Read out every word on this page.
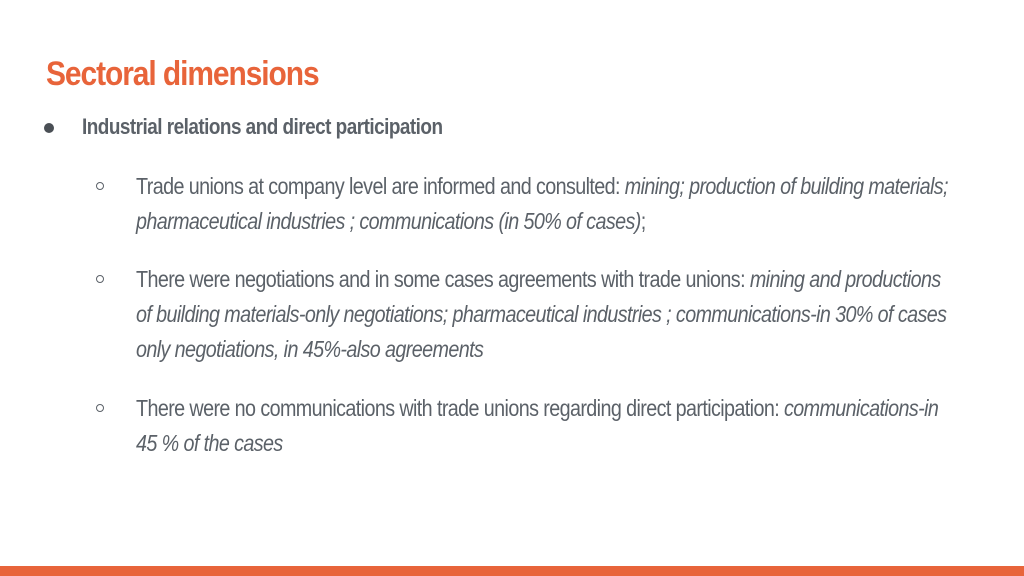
Sectoral dimensions
Industrial relations and direct participation

Trade unions at company level are informed and consulted: mining; production of building materials; pharmaceutical industries ; communications (in 50% of cases);

There were negotiations and in some cases agreements with trade unions: mining and productions of building materials-only negotiations; pharmaceutical industries ; communications-in 30% of cases only negotiations, in 45%-also agreements

There were no communications with trade unions regarding direct participation: communications-in 45 % of the cases
